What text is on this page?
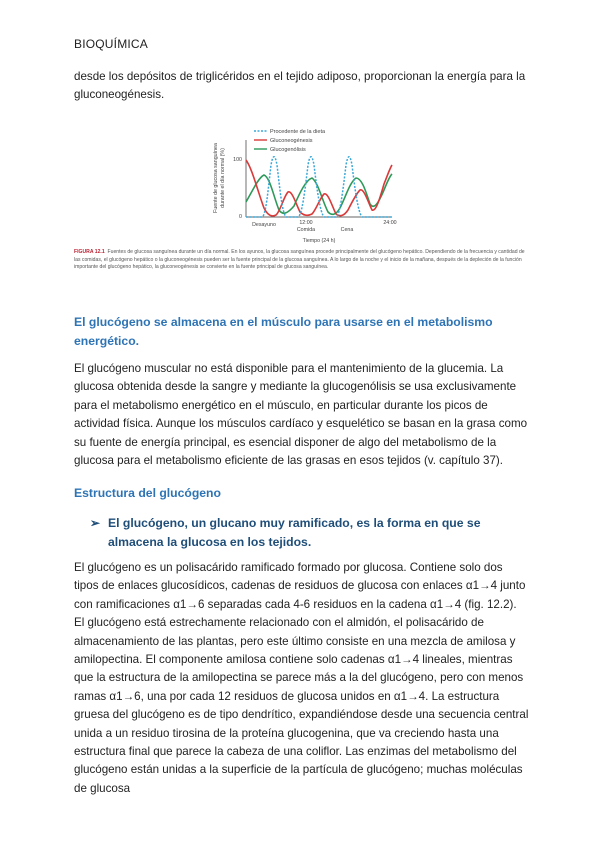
BIOQUÍMICA

desde los depósitos de triglicéridos en el tejido adiposo, proporcionan la energía para la gluconeogénesis.

Procedente de la dieta
Gluconeogénesis
Glucogenólisis
Fuente de glucosa sanguínea durante el día normal (%) 100
0
Desayuno	12:00
Comida	Cena
24:00
Tiempo (24 h)
FIGURA 12.1 Fuentes de glucosa sanguínea durante un día normal. En los ayunos, la glucosa sanguínea procede principalmente del glucógeno hepático. Dependiendo de la frecuencia y cantidad de las comidas, el glucógeno hepático o la gluconeogénesis pueden ser la fuente principal de la glucosa sanguínea. A lo largo de la noche y el inicio de la mañana, después de la depleción de la función importante del glucógeno hepático, la gluconeogénesis se convierte en la fuente principal de glucosa sanguínea.

El glucógeno se almacena en el músculo para usarse en el metabolismo energético.

El glucógeno muscular no está disponible para el mantenimiento de la glucemia. La glucosa obtenida desde la sangre y mediante la glucogenólisis se usa exclusivamente para el metabolismo energético en el músculo, en particular durante los picos de actividad física. Aunque los músculos cardíaco y esquelético se basan en la grasa como su fuente de energía principal, es esencial disponer de algo del metabolismo de la glucosa para el metabolismo eficiente de las grasas en esos tejidos (v. capítulo 37).

Estructura del glucógeno

➢ El glucógeno, un glucano muy ramificado, es la forma en que se almacena la glucosa en los tejidos.

El glucógeno es un polisacárido ramificado formado por glucosa. Contiene solo dos tipos de enlaces glucosídicos, cadenas de residuos de glucosa con enlaces α1→4 junto con ramificaciones α1→6 separadas cada 4-6 residuos en la cadena α1→4 (fig. 12.2). El glucógeno está estrechamente relacionado con el almidón, el polisacárido de almacenamiento de las plantas, pero este último consiste en una mezcla de amilosa y amilopectina. El componente amilosa contiene solo cadenas α1→4 lineales, mientras que la estructura de la amilopectina se parece más a la del glucógeno, pero con menos ramas α1→6, una por cada 12 residuos de glucosa unidos en α1→4. La estructura gruesa del glucógeno es de tipo dendrítico, expandiéndose desde una secuencia central unida a un residuo tirosina de la proteína glucogenina, que va creciendo hasta una estructura final que parece la cabeza de una coliflor. Las enzimas del metabolismo del glucógeno están unidas a la superficie de la partícula de glucógeno; muchas moléculas de glucosa
